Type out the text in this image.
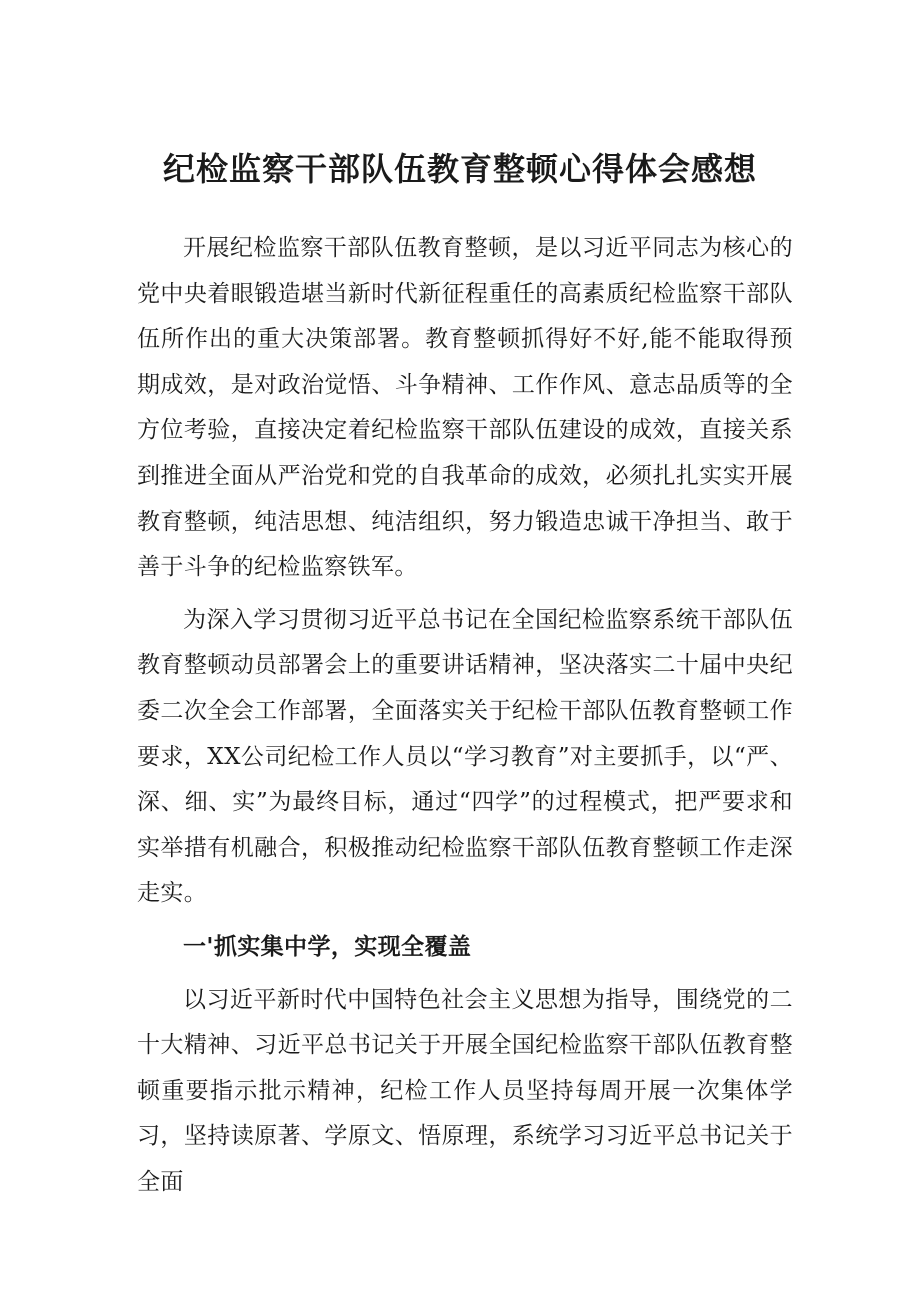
纪检监察干部队伍教育整顿心得体会感想

开展纪检监察干部队伍教育整顿，是以习近平同志为核心的党中央着眼锻造堪当新时代新征程重任的高素质纪检监察干部队伍所作出的重大决策部署。教育整顿抓得好不好,能不能取得预期成效，是对政治觉悟、斗争精神、工作作风、意志品质等的全方位考验，直接决定着纪检监察干部队伍建设的成效，直接关系到推进全面从严治党和党的自我革命的成效，必须扎扎实实开展教育整顿，纯洁思想、纯洁组织，努力锻造忠诚干净担当、敢于善于斗争的纪检监察铁军。

为深入学习贯彻习近平总书记在全国纪检监察系统干部队伍教育整顿动员部署会上的重要讲话精神，坚决落实二十届中央纪委二次全会工作部署，全面落实关于纪检干部队伍教育整顿工作要求，XX公司纪检工作人员以“学习教育”对主要抓手，以“严、深、细、实”为最终目标，通过“四学”的过程模式，把严要求和实举措有机融合，积极推动纪检监察干部队伍教育整顿工作走深走实。

一'抓实集中学，实现全覆盖

以习近平新时代中国特色社会主义思想为指导，围绕党的二十大精神、习近平总书记关于开展全国纪检监察干部队伍教育整顿重要指示批示精神，纪检工作人员坚持每周开展一次集体学习，坚持读原著、学原文、悟原理，系统学习习近平总书记关于全面
